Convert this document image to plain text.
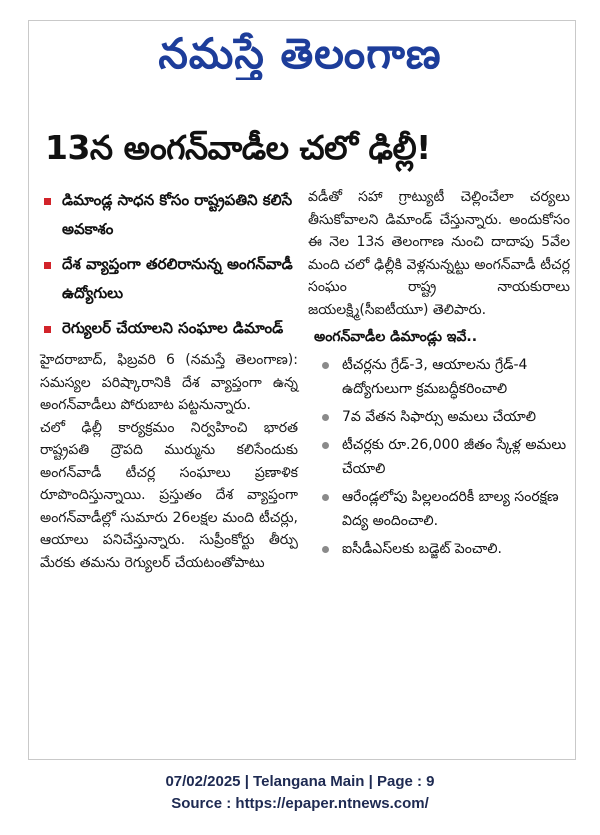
నమస్తే తెలంగాణ
13న అంగన్‌వాడీల చలో ఢిల్లీ!
డిమాండ్ల సాధన కోసం రాష్ట్రపతిని కలిసే అవకాశం
దేశ వ్యాప్తంగా తరలిరానున్న అంగన్‌వాడీ ఉద్యోగులు
రెగ్యులర్ చేయాలని సంఘాల డిమాండ్

హైదరాబాద్, ఫిబ్రవరి 6 (నమస్తే తెలంగాణ): సమస్యల పరిష్కారానికి దేశ వ్యాప్తంగా ఉన్న అంగన్‌వాడీలు పోరుబాట పట్టనున్నారు.

చలో ఢిల్లీ కార్యక్రమం నిర్వహించి భారత రాష్ట్రపతి ద్రౌపది ముర్మును కలిసేందుకు అంగన్‌వాడీ టీచర్ల సంఘాలు ప్రణాళిక రూపొందిస్తున్నాయి. ప్రస్తుతం దేశ వ్యాప్తంగా అంగన్‌వాడీల్లో సుమారు 26లక్షల మంది టీచర్లు, ఆయాలు పనిచేస్తున్నారు. సుప్రీంకోర్టు తీర్పు మేరకు తమను రెగ్యులర్ చేయటంతోపాటు

వడీతో సహా గ్రాట్యుటీ చెల్లించేలా చర్యలు తీసుకోవాలని డిమాండ్ చేస్తున్నారు. అందుకోసం ఈ నెల 13న తెలంగాణ నుంచి దాదాపు 5వేల మంది చలో ఢిల్లీకి వెళ్లనున్నట్టు అంగన్‌వాడీ టీచర్ల సంఘం రాష్ట్ర నాయకురాలు జయలక్ష్మి(సీఐటీయూ) తెలిపారు.

అంగన్‌వాడీల డిమాండ్లు ఇవే..
టీచర్లను గ్రేడ్-3, ఆయాలను గ్రేడ్-4 ఉద్యోగులుగా క్రమబద్ధీకరించాలి
7వ వేతన సిఫార్సు అమలు చేయాలి
టీచర్లకు రూ.26,000 జీతం స్కేళ్ల అమలు చేయాలి
ఆరేండ్లలోపు పిల్లలందరికీ బాల్య సంరక్షణ విద్య అందించాలి.
ఐసీడీఎస్‌లకు బడ్జెట్ పెంచాలి.
07/02/2025 | Telangana Main | Page : 9
Source : https://epaper.ntnews.com/
